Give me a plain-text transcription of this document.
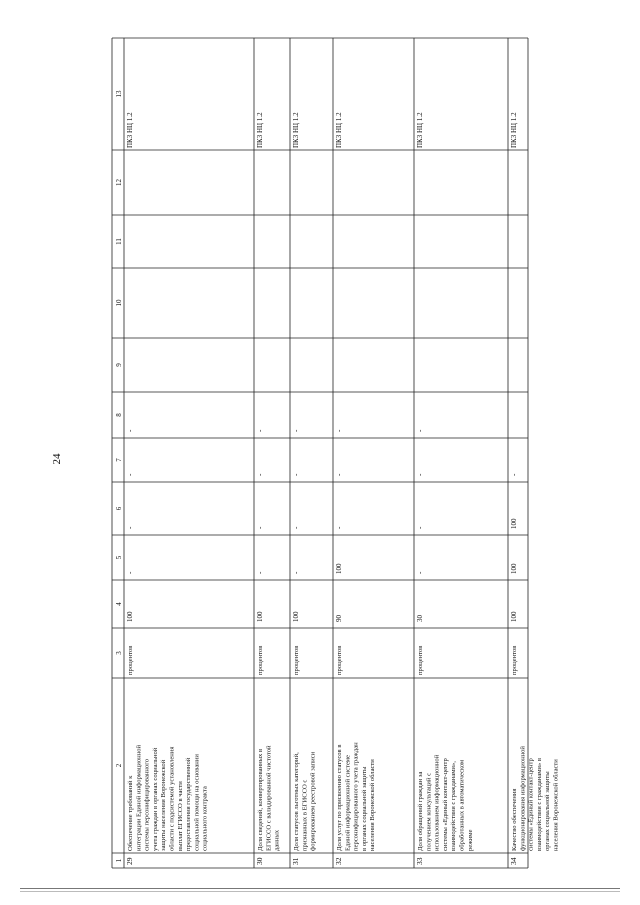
1
2
3
4
5
6
7
8
9
10
11
12
13
29
Обеспечение требований к интеграции Единой информационной системы персонифицированного учета граждан в органах социальной защиты населения Воронежской области с подсистемой установления выплат ЕГИССО в части предоставления государственной социальной помощи на основании социального контракта
процентов
100
-
-
-
-
ПКЗ НЦ 1.2
30
Доля сведений, конвертированных в ЕГИССО с валидированной чистотой данных
процентов
100
-
-
-
-
ПКЗ НЦ 1.2
31
Доля статусов льготных категорий, признанных в ЕГИССО с формированием реестровой записи
процентов
100
-
-
-
-
ПКЗ НЦ 1.2
32
Доля услуг по присвоению статусов в Единой информационной системе персонифицированного учета граждан в органах социальной защиты населения Воронежской области
процентов
90
100
-
-
-
ПКЗ НЦ 1.2
33
Доля обращений граждан за получением консультаций с использованием информационной системы «Единый контакт-центр взаимодействия с гражданами», обработанных в автоматическом режиме
процентов
30
-
-
-
-
ПКЗ НЦ 1.2
34
Качество обеспечения функционирования информационной системы «Единый контакт-центр взаимодействия с гражданами» в органах социальной защиты населения Воронежской области
процентов
100
100
100
-
ПКЗ НЦ 1.2
24
